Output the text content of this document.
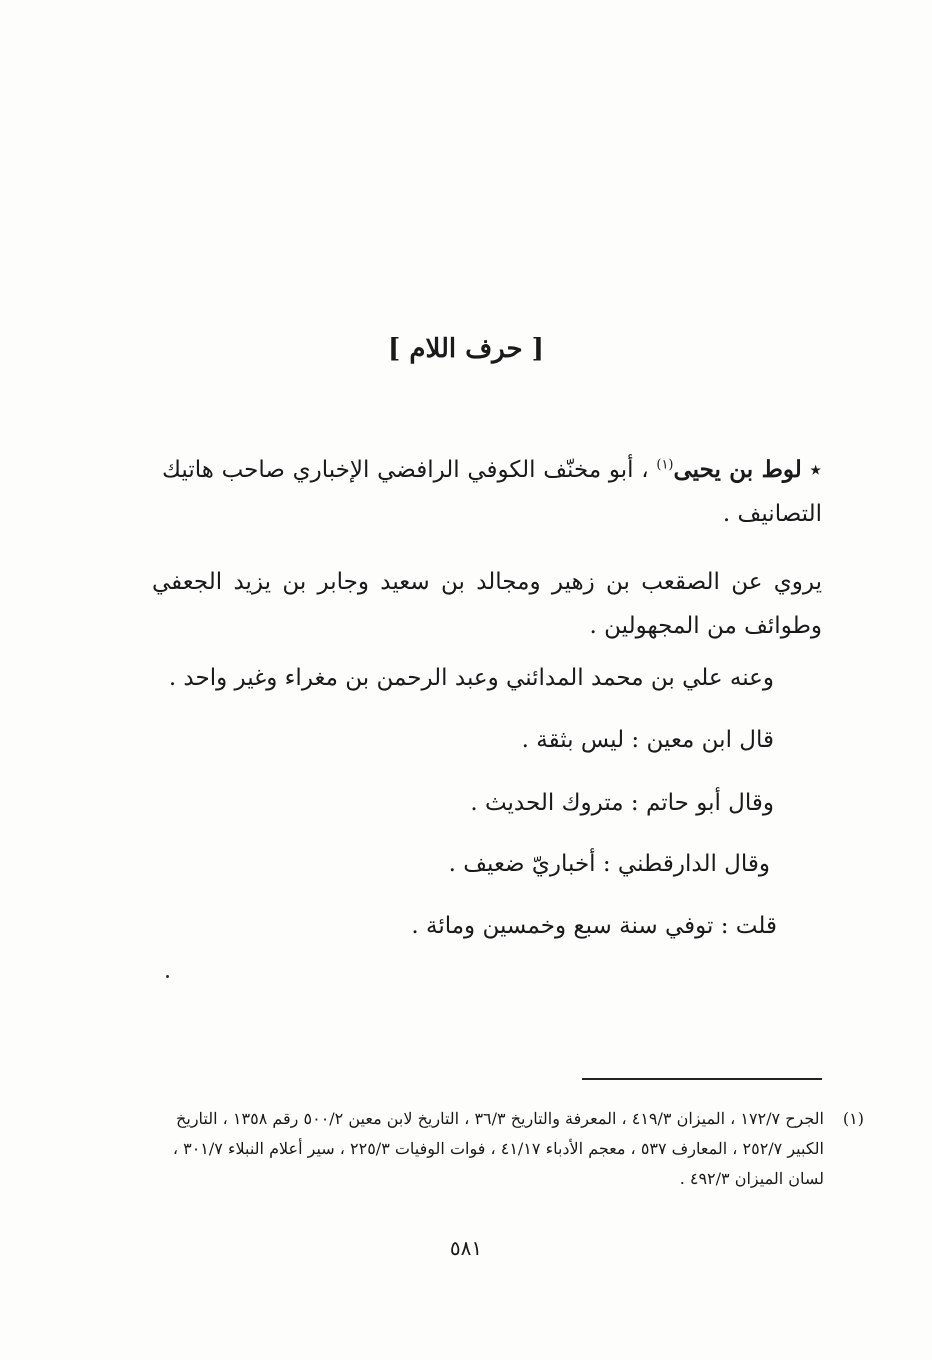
[ حرف اللام ]
٭ لوط بن يحيى$^{(١)}$ ، أبو مخنّف الكوفي الرافضي الإخباري صاحب هاتيك التصانيف .
يروي عن الصقعب بن زهير ومجالد بن سعيد وجابر بن يزيد الجعفي وطوائف من المجهولين .
وعنه علي بن محمد المدائني وعبد الرحمن بن مغراء وغير واحد .
قال ابن معين : ليس بثقة .
وقال أبو حاتم : متروك الحديث .
وقال الدارقطني : أخباريّ ضعيف .
قلت : توفي سنة سبع وخمسين ومائة .
(١)
الجرح ١٧٢/٧ ، الميزان ٤١٩/٣ ، المعرفة والتاريخ ٣٦/٣ ، التاريخ لابن معين ٥٠٠/٢ رقم ١٣٥٨ ، التاريخ الكبير ٢٥٢/٧ ، المعارف ٥٣٧ ، معجم الأدباء ٤١/١٧ ، فوات الوفيات ٢٢٥/٣ ، سير أعلام النبلاء ٣٠١/٧ ، لسان الميزان ٤٩٢/٣ .
٥٨١
